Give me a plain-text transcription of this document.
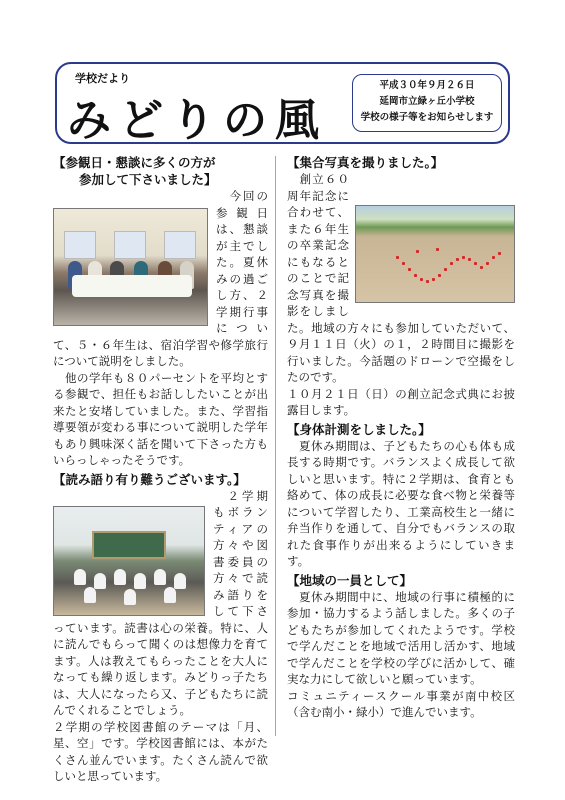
学校だより
みどりの風
平成３０年９月２６日
延岡市立緑ヶ丘小学校
学校の様子等をお知らせします
【参観日・懇談に多くの方が
参加して下さいました】

　今回の参観日は、懇談が主でした。夏休みの過ごし方、２学期行事について、５・６年生は、宿泊学習や修学旅行について説明をしました。
　他の学年も８０パーセントを平均とする参観で、担任もお話ししたいことが出来たと安堵していました。また、学習指導要領が変わる事について説明した学年もあり興味深く話を聞いて下さった方もいらっしゃったそうです。

【読み語り有り難うございます。】

　２学期もボランティアの方々や図書委員の方々で読み語りをして下さっています。読書は心の栄養。特に、人に読んでもらって聞くのは想像力を育てます。人は教えてもらったことを大人になっても繰り返します。みどりっ子たちは、大人になったら又、子どもたちに読んでくれることでしょう。
２学期の学校図書館のテーマは「月、星、空」です。学校図書館には、本がたくさん並んでいます。たくさん読んで欲しいと思っています。

【集合写真を撮りました。】

　創立６０周年記念に合わせて、また６年生の卒業記念にもなるとのことで記念写真を撮影をしました。地域の方々にも参加していただいて、９月１１日（火）の１，２時間目に撮影を行いました。今話題のドローンで空撮をしたのです。
１０月２１日（日）の創立記念式典にお披露目します。

【身体計測をしました。】

　夏休み期間は、子どもたちの心も体も成長する時期です。バランスよく成長して欲しいと思います。特に２学期は、食育とも絡めて、体の成長に必要な食べ物と栄養等について学習したり、工業高校生と一緒に弁当作りを通して、自分でもバランスの取れた食事作りが出来るようにしていきます。

【地域の一員として】

　夏休み期間中に、地域の行事に積極的に参加・協力するよう話しました。多くの子どもたちが参加してくれたようです。学校で学んだことを地域で活用し活かす、地域で学んだことを学校の学びに活かして、確実な力にして欲しいと願っています。
コミュニティースクール事業が南中校区（含む南小・緑小）で進んでいます。
